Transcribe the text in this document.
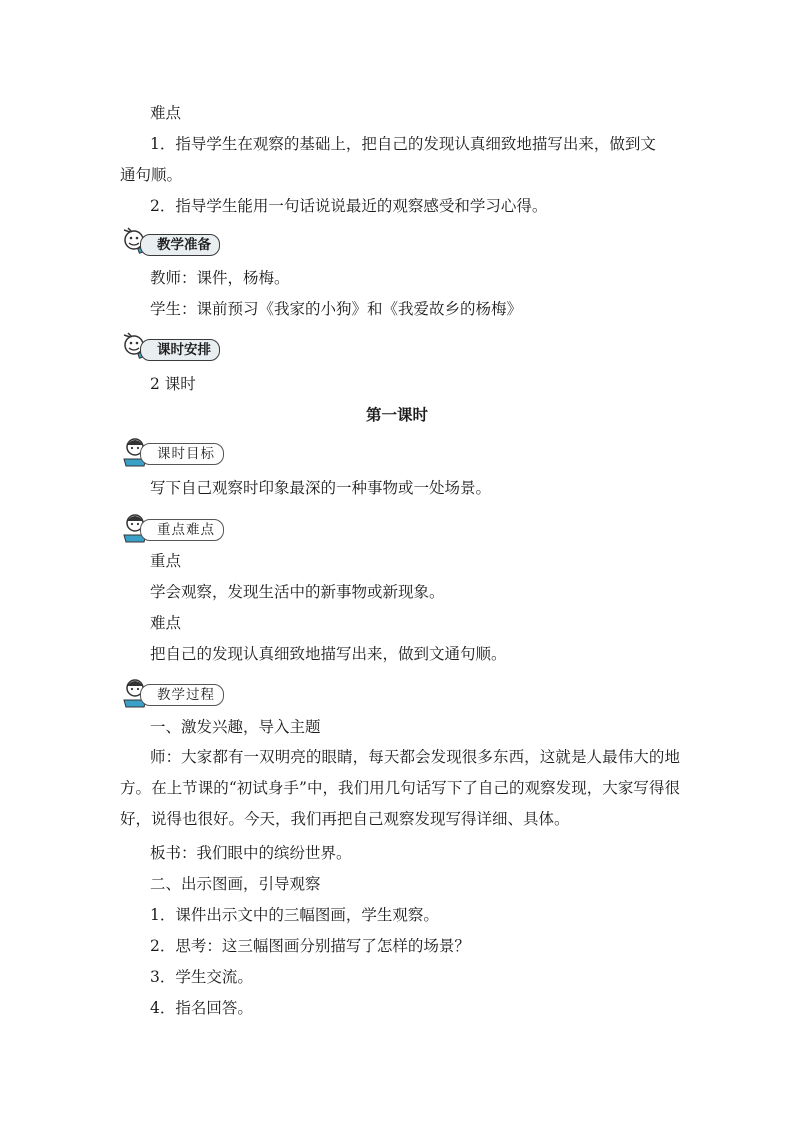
难点
1．指导学生在观察的基础上，把自己的发现认真细致地描写出来，做到文
通句顺。
2．指导学生能用一句话说说最近的观察感受和学习心得。
教学准备
教师：课件，杨梅。
学生：课前预习《我家的小狗》和《我爱故乡的杨梅》
课时安排
2 课时
第一课时
课时目标
写下自己观察时印象最深的一种事物或一处场景。
重点难点
重点
学会观察，发现生活中的新事物或新现象。
难点
把自己的发现认真细致地描写出来，做到文通句顺。
教学过程
一、激发兴趣，导入主题
师：大家都有一双明亮的眼睛，每天都会发现很多东西，这就是人最伟大的地方。在上节课的“初试身手”中，我们用几句话写下了自己的观察发现，大家写得很好，说得也很好。今天，我们再把自己观察发现写得详细、具体。
板书：我们眼中的缤纷世界。
二、出示图画，引导观察
1．课件出示文中的三幅图画，学生观察。
2．思考：这三幅图画分别描写了怎样的场景？
3．学生交流。
4．指名回答。
